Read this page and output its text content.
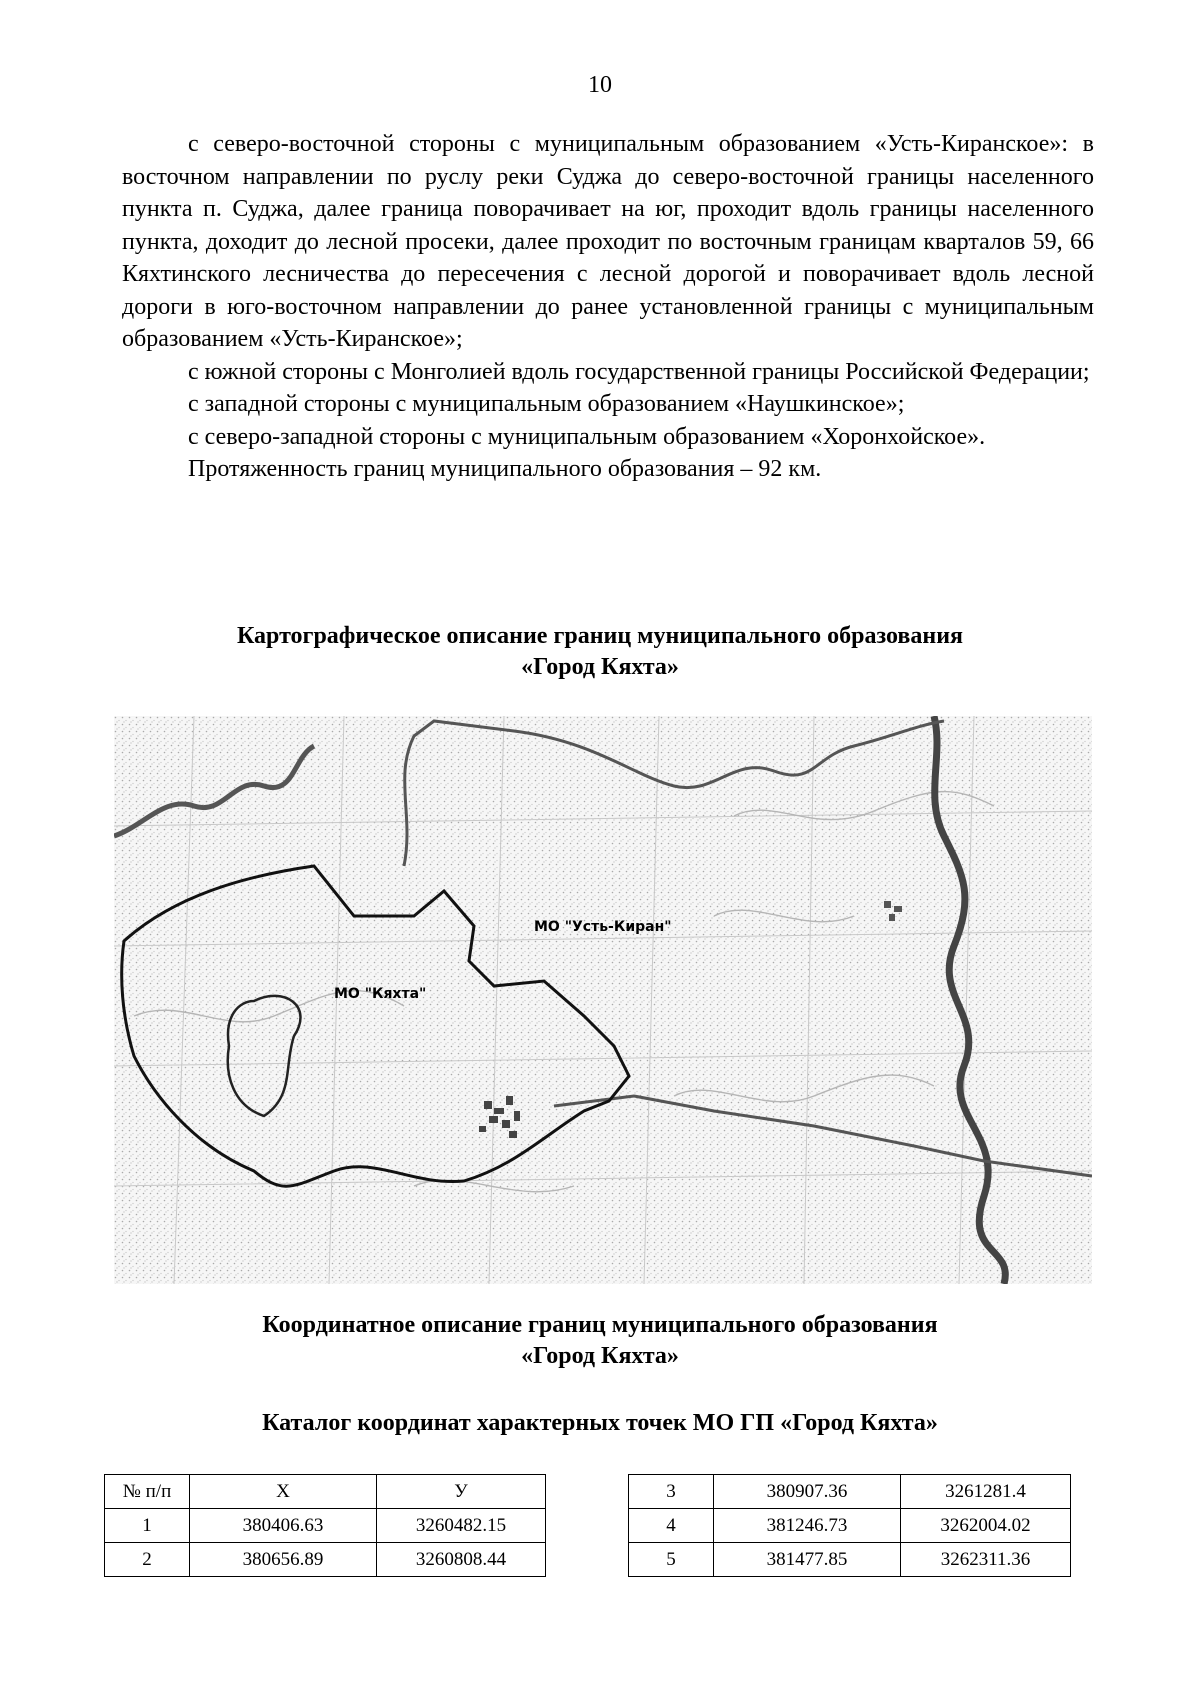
10

с северо-восточной стороны с муниципальным образованием «Усть-Киранское»: в восточном направлении по руслу реки Суджа до северо-восточной границы населенного пункта п. Суджа, далее граница поворачивает на юг, проходит вдоль границы населенного пункта, доходит до лесной просеки, далее проходит по восточным границам кварталов 59, 66 Кяхтинского лесничества до пересечения с лесной дорогой и поворачивает вдоль лесной дороги в юго-восточном направлении до ранее установленной границы с муниципальным образованием «Усть-Киранское»;

с южной стороны с Монголией вдоль государственной границы Российской Федерации;

с западной стороны с муниципальным образованием «Наушкинское»;

с северо-западной стороны с муниципальным образованием «Хоронхойское».

Протяженность границ муниципального образования – 92 км.

Картографическое описание границ муниципального образования
«Город Кяхта»
МО "Кяхта"
МО "Усть-Киран"
Координатное описание границ муниципального образования
«Город Кяхта»
Каталог координат характерных точек МО ГП «Город Кяхта»
№ п/п	X	У
1	380406.63	3260482.15
2	380656.89	3260808.44
3	380907.36	3261281.4
4	381246.73	3262004.02
5	381477.85	3262311.36
